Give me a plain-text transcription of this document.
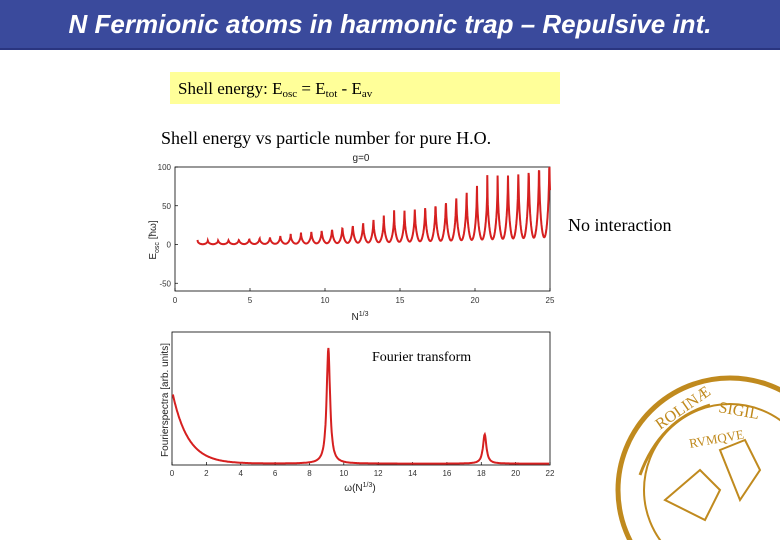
N Fermionic atoms in harmonic trap – Repulsive int.
Shell energy: $E_{osc} = E_{tot} - E_{av}$
Shell energy vs particle number for pure H.O.
No interaction
g=0
0	5	10	15	20	25
100
50
0
-50
$N^{1/3}$
$E_{osc}$ [ħω]
0	2	4	6	8	10	12	14	16	18	20	22
$\omega(N^{1/3})$
Fourierspectra [arb. units]	ROLINÆ SIGIL
RVMQVE
Fourier transform
